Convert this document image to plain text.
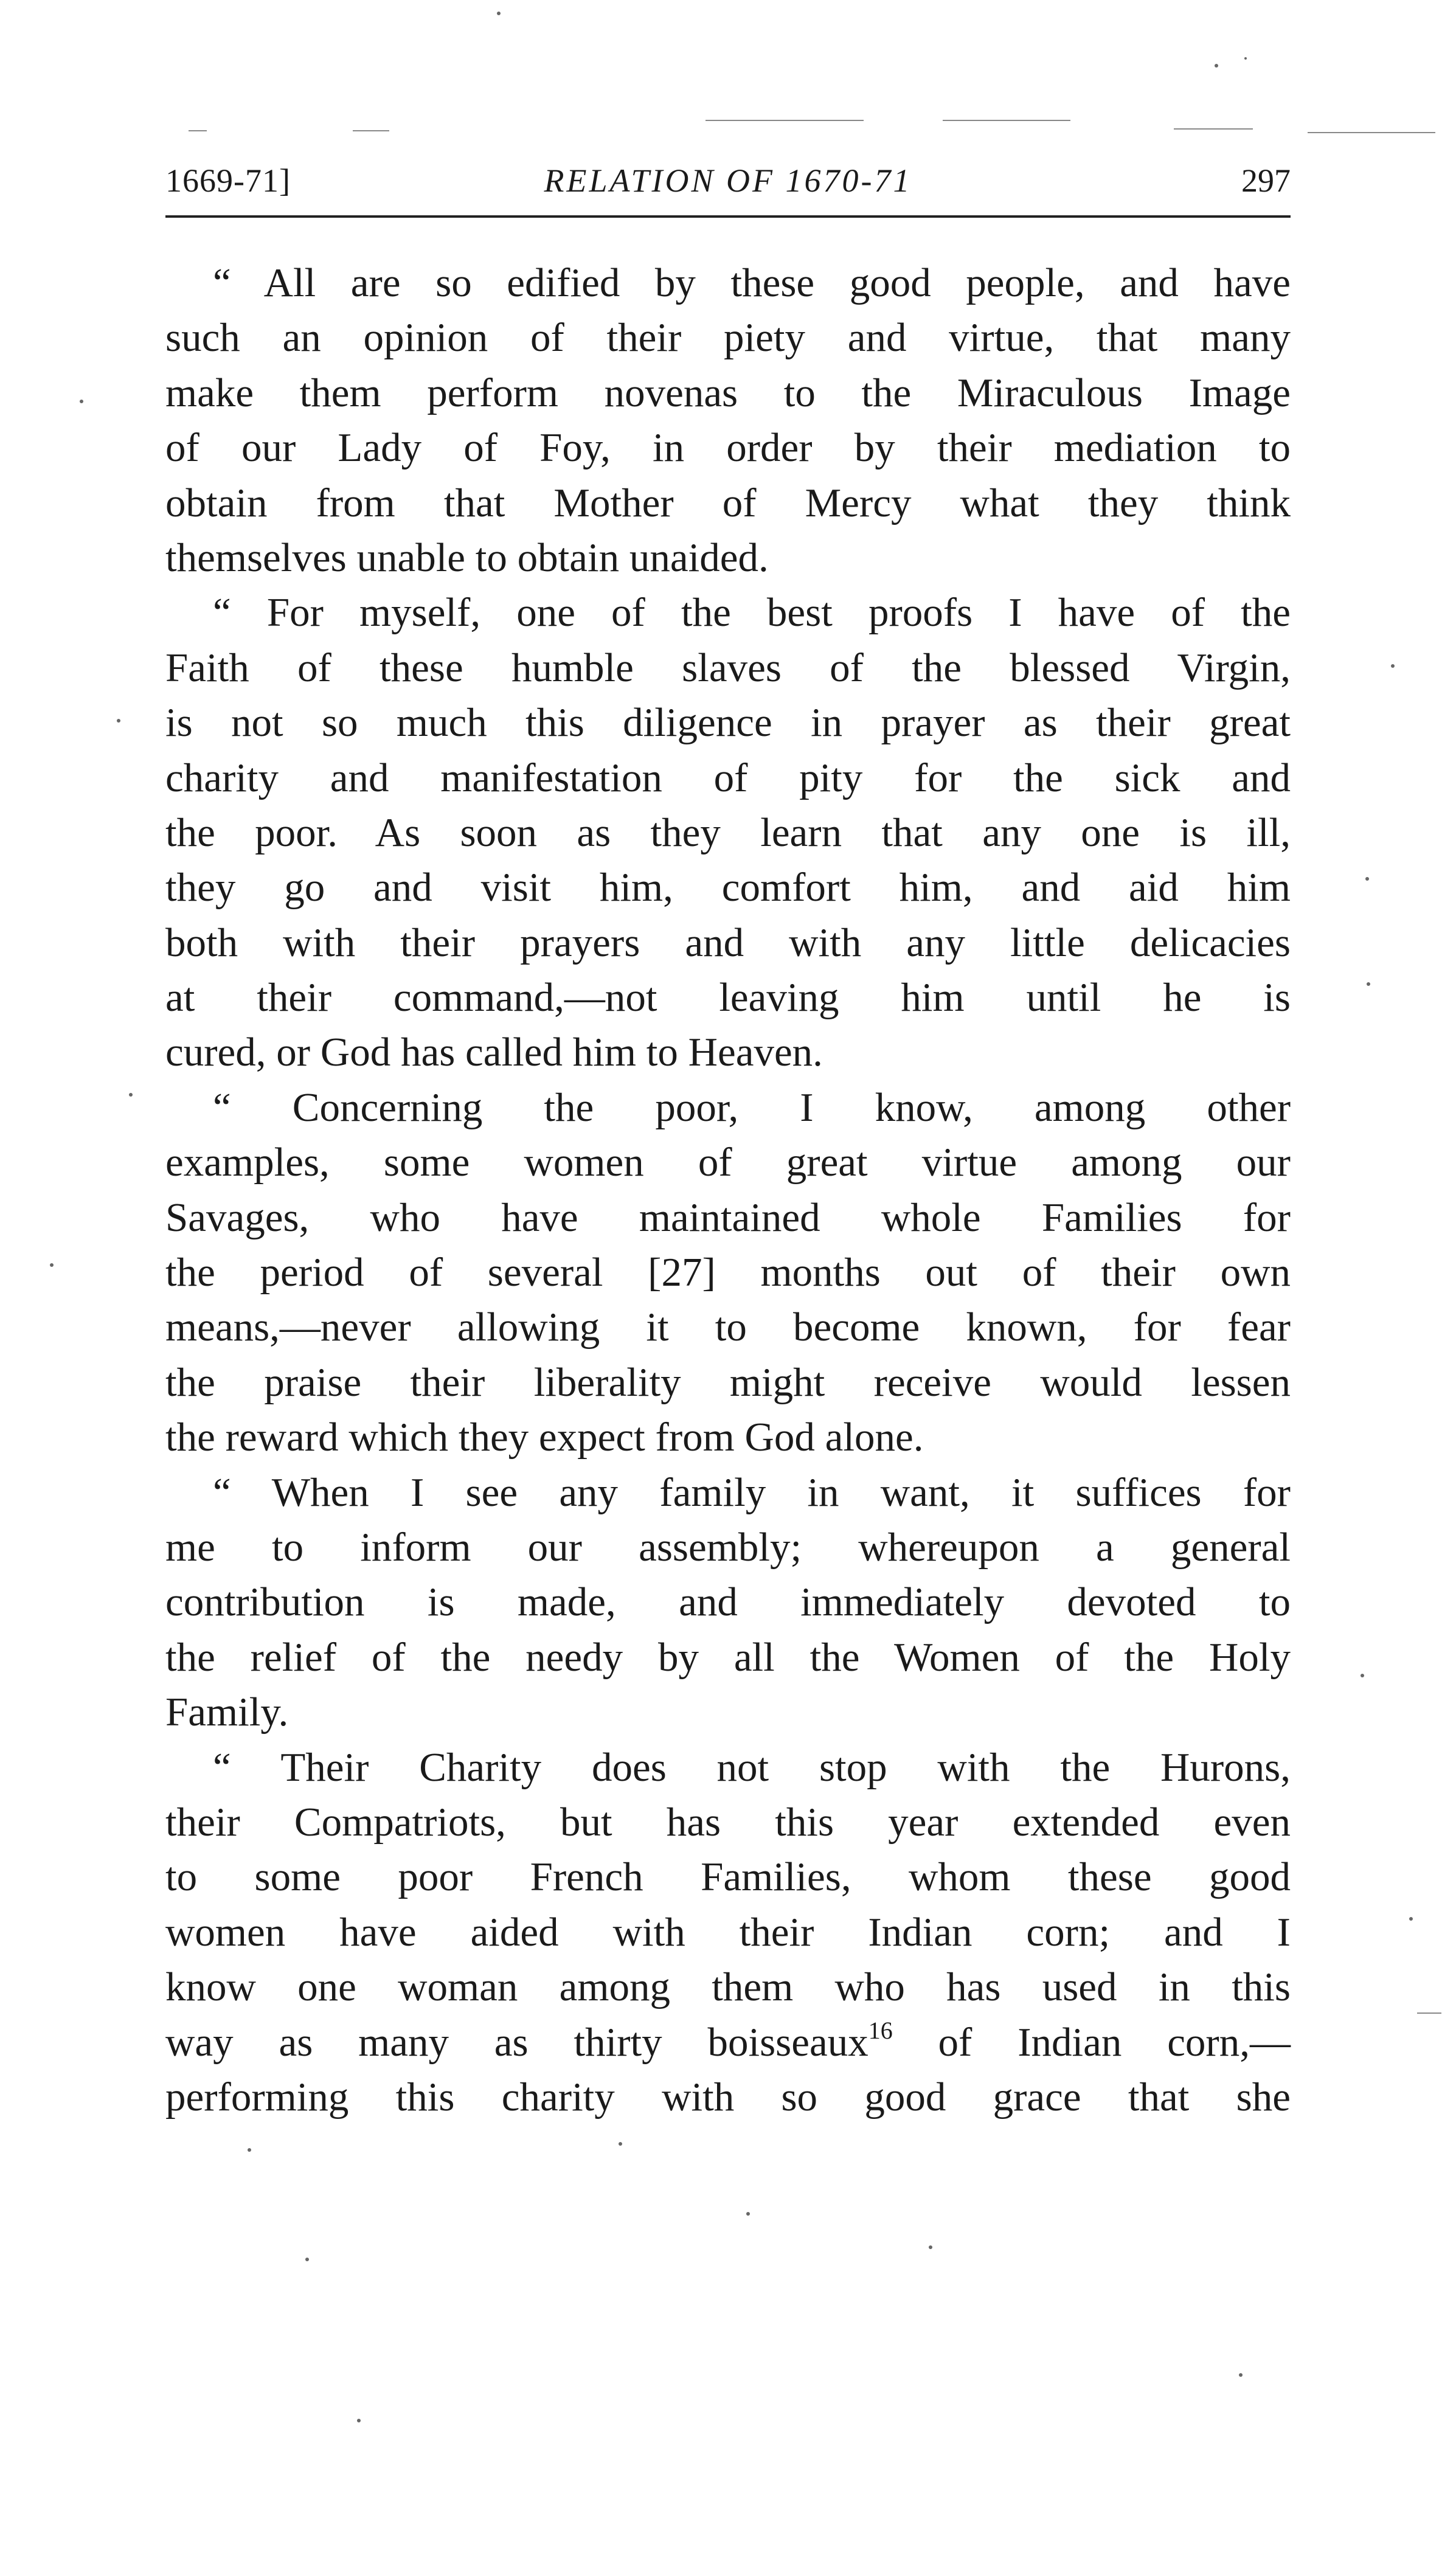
1669-71]	RELATION OF 1670-71	297
“ All are so edified by these good people, and have
such an opinion of their piety and virtue, that many
make them perform novenas to the Miraculous Image
of our Lady of Foy, in order by their mediation to
obtain from that Mother of Mercy what they think
themselves unable to obtain unaided.
“ For myself, one of the best proofs I have of the
Faith of these humble slaves of the blessed Virgin,
is not so much this diligence in prayer as their great
charity and manifestation of pity for the sick and
the poor. As soon as they learn that any one is ill,
they go and visit him, comfort him, and aid him
both with their prayers and with any little delicacies
at their command,—not leaving him until he is
cured, or God has called him to Heaven.
“ Concerning the poor, I know, among other
examples, some women of great virtue among our
Savages, who have maintained whole Families for
the period of several [27] months out of their own
means,—never allowing it to become known, for fear
the praise their liberality might receive would lessen
the reward which they expect from God alone.
“ When I see any family in want, it suffices for
me to inform our assembly; whereupon a general
contribution is made, and immediately devoted to
the relief of the needy by all the Women of the Holy
Family.
“ Their Charity does not stop with the Hurons,
their Compatriots, but has this year extended even
to some poor French Families, whom these good
women have aided with their Indian corn; and I
know one woman among them who has used in this
way as many as thirty boisseaux$^{16}$ of Indian corn,—
performing this charity with so good grace that she
